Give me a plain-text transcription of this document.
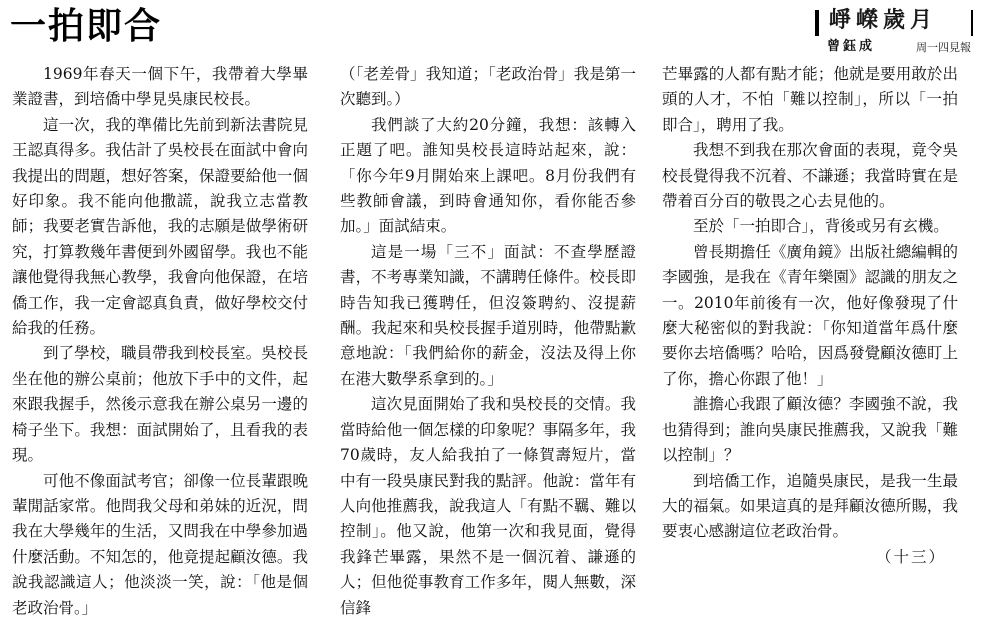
一拍即合	崢嶸歲月
曾鈺成	周一四見報

1969年春天一個下午，我帶着大學畢業證書，到培僑中學見吳康民校長。

這一次，我的準備比先前到新法書院見王認真得多。我估計了吳校長在面試中會向我提出的問題，想好答案，保證要給他一個好印象。我不能向他撒謊，說我立志當教師；我要老實告訴他，我的志願是做學術研究，打算教幾年書便到外國留學。我也不能讓他覺得我無心教學，我會向他保證，在培僑工作，我一定會認真負責，做好學校交付給我的任務。

到了學校，職員帶我到校長室。吳校長坐在他的辦公桌前；他放下手中的文件，起來跟我握手，然後示意我在辦公桌另一邊的椅子坐下。我想：面試開始了，且看我的表現。

可他不像面試考官；卻像一位長輩跟晚輩閒話家常。他問我父母和弟妹的近況，問我在大學幾年的生活，又問我在中學參加過什麼活動。不知怎的，他竟提起顧汝德。我說我認識這人；他淡淡一笑，說：「他是個老政治骨。」

（「老差骨」我知道；「老政治骨」我是第一次聽到。）

我們談了大約20分鐘，我想：該轉入正題了吧。誰知吳校長這時站起來，說：「你今年9月開始來上課吧。8月份我們有些教師會議，到時會通知你，看你能否參加。」面試結束。

這是一場「三不」面試：不查學歷證書，不考專業知識，不講聘任條件。校長即時告知我已獲聘任，但沒簽聘約、沒提薪酬。我起來和吳校長握手道別時，他帶點歉意地說：「我們給你的薪金，沒法及得上你在港大數學系拿到的。」

這次見面開始了我和吳校長的交情。我當時給他一個怎樣的印象呢？事隔多年，我70歲時，友人給我拍了一條賀壽短片，當中有一段吳康民對我的點評。他說：當年有人向他推薦我，說我這人「有點不羈、難以控制」。他又說，他第一次和我見面，覺得我鋒芒畢露，果然不是一個沉着、謙遜的人；但他從事教育工作多年，閱人無數，深信鋒

芒畢露的人都有點才能；他就是要用敢於出頭的人才，不怕「難以控制」，所以「一拍即合」，聘用了我。

我想不到我在那次會面的表現，竟令吳校長覺得我不沉着、不謙遜；我當時實在是帶着百分百的敬畏之心去見他的。

至於「一拍即合」，背後或另有玄機。

曾長期擔任《廣角鏡》出版社總編輯的李國強，是我在《青年樂園》認識的朋友之一。2010年前後有一次，他好像發現了什麼大秘密似的對我說：「你知道當年爲什麼要你去培僑嗎？哈哈，因爲發覺顧汝德盯上了你，擔心你跟了他！」

誰擔心我跟了顧汝德？李國強不說，我也猜得到；誰向吳康民推薦我，又說我「難以控制」？

到培僑工作，追隨吳康民，是我一生最大的福氣。如果這真的是拜顧汝德所賜，我要衷心感謝這位老政治骨。

（十三）
